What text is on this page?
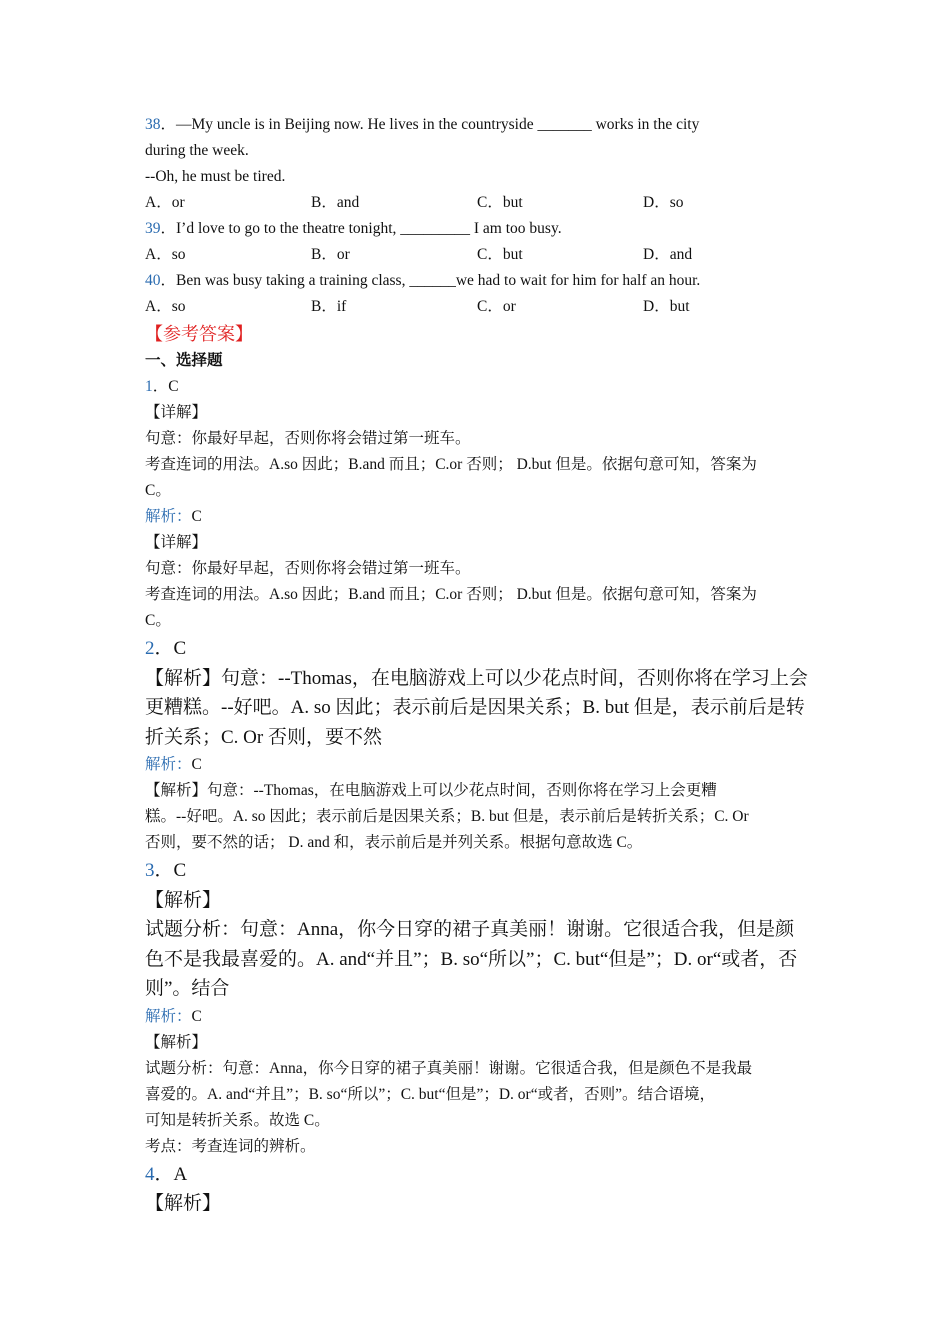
38．—My uncle is in Beijing now. He lives in the countryside _______ works in the city
during the week.
--Oh, he must be tired.
A．or	B．and	C．but	D．so
39．I’d love to go to the theatre tonight, _________ I am too busy.
A．so	B．or	C．but	D．and
40．Ben was busy taking a training class, ______we had to wait for him for half an hour.
A．so	B．if	C．or	D．but
【参考答案】
一、选择题
1．C
【详解】
句意：你最好早起，否则你将会错过第一班车。
考查连词的用法。A.so 因此；B.and 而且；C.or 否则； D.but 但是。依据句意可知，答案为
C。
解析：C
【详解】
句意：你最好早起，否则你将会错过第一班车。
考查连词的用法。A.so 因此；B.and 而且；C.or 否则； D.but 但是。依据句意可知，答案为
C。
2．C
【解析】句意：--Thomas，在电脑游戏上可以少花点时间，否则你将在学习上会更糟糕。--好吧。A. so 因此；表示前后是因果关系；B. but 但是，表示前后是转折关系；C. Or 否则，要不然
解析：C
【解析】句意：--Thomas，在电脑游戏上可以少花点时间，否则你将在学习上会更糟
糕。--好吧。A. so 因此；表示前后是因果关系；B. but 但是，表示前后是转折关系；C. Or
否则，要不然的话； D. and 和，表示前后是并列关系。根据句意故选 C。
3．C
【解析】
试题分析：句意：Anna，你今日穿的裙子真美丽！谢谢。它很适合我，但是颜色不是我最喜爱的。A. and“并且”；B. so“所以”；C. but“但是”；D. or“或者，否则”。结合
解析：C
【解析】
试题分析：句意：Anna，你今日穿的裙子真美丽！谢谢。它很适合我，但是颜色不是我最
喜爱的。A. and“并且”；B. so“所以”；C. but“但是”；D. or“或者，否则”。结合语境，
可知是转折关系。故选 C。
考点：考查连词的辨析。
4．A
【解析】
